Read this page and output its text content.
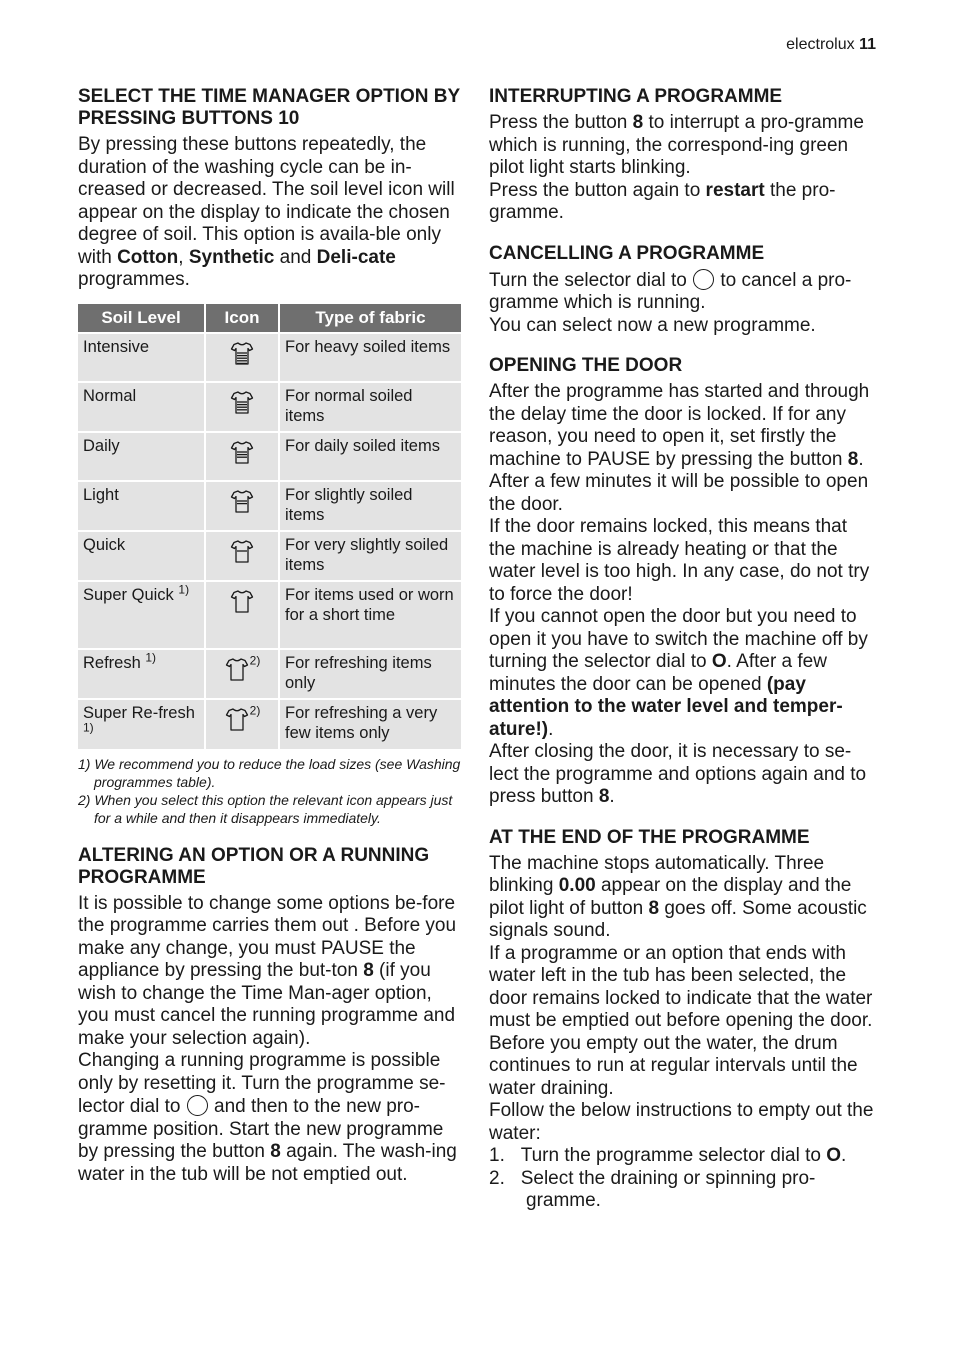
electrolux 11
SELECT THE TIME MANAGER OPTION BY PRESSING BUTTONS 10

By pressing these buttons repeatedly, the duration of the washing cycle can be in-creased or decreased. The soil level icon will appear on the display to indicate the chosen degree of soil. This option is availa-ble only with Cotton, Synthetic and Deli-cate programmes.

Soil Level	Icon	Type of fabric
Intensive		For heavy soiled items
Normal		For normal soiled items
Daily		For daily soiled items
Light		For slightly soiled items
Quick		For very slightly soiled items
Super Quick $^{1)}$		For items used or worn for a short time
Refresh $^{1)}$	$^{2)}$	For refreshing items only
Super Re-fresh $^{1)}$	$^{2)}$	For refreshing a very few items only

1) We recommend you to reduce the load sizes (see Washing programmes table).

2) When you select this option the relevant icon appears just for a while and then it disappears immediately.

ALTERING AN OPTION OR A RUNNING PROGRAMME

It is possible to change some options be-fore the programme carries them out . Before you make any change, you must PAUSE the appliance by pressing the but-ton 8 (if you wish to change the Time Man-ager option, you must cancel the running programme and make your selection again).

Changing a running programme is possible only by resetting it. Turn the programme se-lector dial to  and then to the new pro-gramme position. Start the new programme by pressing the button 8 again. The wash-ing water in the tub will be not emptied out.

INTERRUPTING A PROGRAMME

Press the button 8 to interrupt a pro-gramme which is running, the correspond-ing green pilot light starts blinking.

Press the button again to restart the pro-gramme.

CANCELLING A PROGRAMME

Turn the selector dial to  to cancel a pro-gramme which is running.

You can select now a new programme.

OPENING THE DOOR

After the programme has started and through the delay time the door is locked. If for any reason, you need to open it, set firstly the machine to PAUSE by pressing the button 8.

After a few minutes it will be possible to open the door.

If the door remains locked, this means that the machine is already heating or that the water level is too high. In any case, do not try to force the door!

If you cannot open the door but you need to open it you have to switch the machine off by turning the selector dial to O. After a few minutes the door can be opened (pay attention to the water level and temper-ature!).

After closing the door, it is necessary to se-lect the programme and options again and to press button 8.

AT THE END OF THE PROGRAMME

The machine stops automatically. Three blinking 0.00 appear on the display and the pilot light of button 8 goes off. Some acoustic signals sound.

If a programme or an option that ends with water left in the tub has been selected, the door remains locked to indicate that the water must be emptied out before opening the door.

Before you empty out the water, the drum continues to run at regular intervals until the water draining.

Follow the below instructions to empty out the water:

1. Turn the programme selector dial to O.
2. Select the draining or spinning pro-gramme.
